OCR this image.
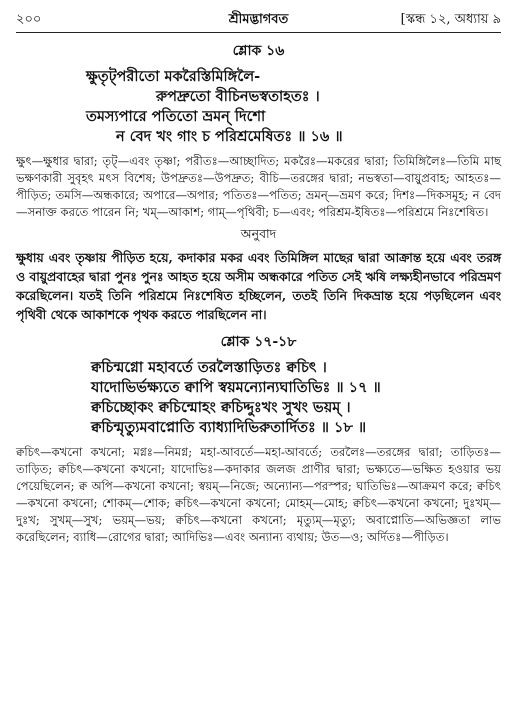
২০০	শ্রীমদ্ভাগবত	[স্কন্ধ ১২, অধ্যায় ৯
শ্লোক ১৬
ক্ষুতৃট্‌পরীতো মকরৈস্তিমিঙ্গিলৈ-
রুপদ্রুতো বীচিনভস্বতাহতঃ ।
তমস্যপারে পতিতো ভ্রমন্ দিশো
ন বেদ খং গাং চ পরিশ্রমেষিতঃ ॥ ১৬ ॥
ক্ষুৎ—ক্ষুধার দ্বারা; তৃট্—এবং তৃষ্ণা; পরীতঃ—আচ্ছাদিত; মকরৈঃ—মকরের দ্বারা; তিমিঙ্গিলৈঃ—তিমি মাছ ভক্ষণকারী সুবৃহৎ মৎস বিশেষ; উপদ্রুতঃ—উপদ্রুত; বীচি—তরঙ্গের দ্বারা; নভস্বতা—বায়ুপ্রবাহ; আহতঃ—পীড়িত; তমসি—অন্ধকারে; অপারে—অপার; পতিতঃ—পতিত; ভ্রমন্—ভ্রমণ করে; দিশঃ—দিকসমূহ; ন বেদ—সনাক্ত করতে পারেন নি; খম্—আকাশ; গাম্—পৃথিবী; চ—এবং; পরিশ্রম-ইষিতঃ—পরিশ্রমে নিঃশেষিত।
অনুবাদ
ক্ষুধায় এবং তৃষ্ণায় পীড়িত হয়ে, কদাকার মকর এবং তিমিঙ্গিল মাছের দ্বারা আক্রান্ত হয়ে এবং তরঙ্গ ও বায়ুপ্রবাহের দ্বারা পুনঃ পুনঃ আহত হয়ে অসীম অন্ধকারে পতিত সেই ঋষি লক্ষ্যহীনভাবে পরিভ্রমণ করেছিলেন। যতই তিনি পরিশ্রমে নিঃশেষিত হচ্ছিলেন, ততই তিনি দিকভ্রান্ত হয়ে পড়ছিলেন এবং পৃথিবী থেকে আকাশকে পৃথক করতে পারছিলেন না।
শ্লোক ১৭-১৮
ক্বচিন্মগ্নো মহাবর্তে তরলৈস্তাড়িতঃ ক্বচিৎ ।
যাদোভির্ভক্ষ্যতে ক্বাপি স্বয়মন্যোন্যঘাতিভিঃ ॥ ১৭ ॥
ক্বচিচ্ছোকং ক্বচিন্মোহং ক্বচিদ্দুঃখং সুখং ভয়ম্ ।
ক্বচিন্মৃত্যুমবাপ্নোতি ব্যাধ্যাদিভিরুতার্দিতঃ ॥ ১৮ ॥
ক্বচিৎ—কখনো কখনো; মগ্নঃ—নিমগ্ন; মহা-আবর্তে—মহা-আবর্তে; তরলৈঃ—তরঙ্গের দ্বারা; তাড়িতঃ—তাড়িত; ক্বচিৎ—কখনো কখনো; যাদোভিঃ—কদাকার জলজ প্রাণীর দ্বারা; ভক্ষ্যতে—ভক্ষিত হওয়ার ভয় পেয়েছিলেন; ক্ব অপি—কখনো কখনো; স্বয়ম্—নিজে; অন্যোন্য—পরস্পর; ঘাতিভিঃ—আক্রমণ করে; ক্বচিৎ—কখনো কখনো; শোকম্—শোক; ক্বচিৎ—কখনো কখনো; মোহম্—মোহ; ক্বচিৎ—কখনো কখনো; দুঃখম্—দুঃখ; সুখম্—সুখ; ভয়ম্—ভয়; ক্বচিৎ—কখনো কখনো; মৃত্যুম্—মৃত্যু; অবাপ্নোতি—অভিজ্ঞতা লাভ করেছিলেন; ব্যাধি—রোগের দ্বারা; আদিভিঃ—এবং অন্যান্য ব্যথায়; উত—ও; অর্দিতঃ—পীড়িত।
